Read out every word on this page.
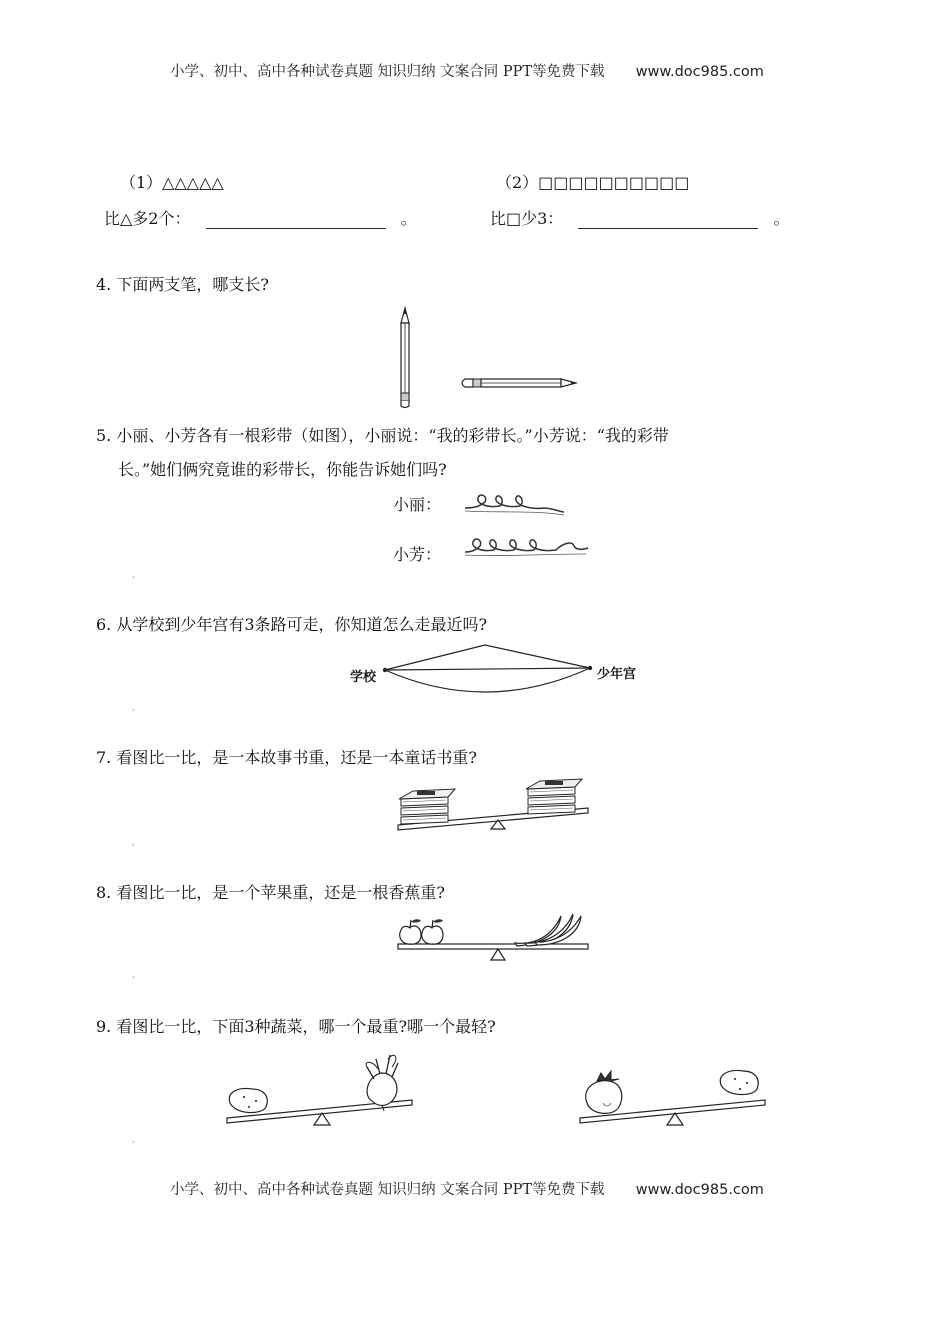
小学、初中、高中各种试卷真题 知识归纳 文案合同 PPT等免费下载 www.doc985.com
（1）△△△△△
比△多2个：	。
（2）□□□□□□□□□□
比□少3：	。
4. 下面两支笔，哪支长?
5. 小丽、小芳各有一根彩带（如图），小丽说：“我的彩带长。”小芳说：“我的彩带
长。”她们俩究竟谁的彩带长，你能告诉她们吗?
小丽：
小芳：
6. 从学校到少年宫有3条路可走，你知道怎么走最近吗?
学校	少年宫
7. 看图比一比，是一本故事书重，还是一本童话书重?
8. 看图比一比，是一个苹果重，还是一根香蕉重?
9. 看图比一比，下面3种蔬菜，哪一个最重?哪一个最轻?
,
,
,
,
,
小学、初中、高中各种试卷真题 知识归纳 文案合同 PPT等免费下载 www.doc985.com
